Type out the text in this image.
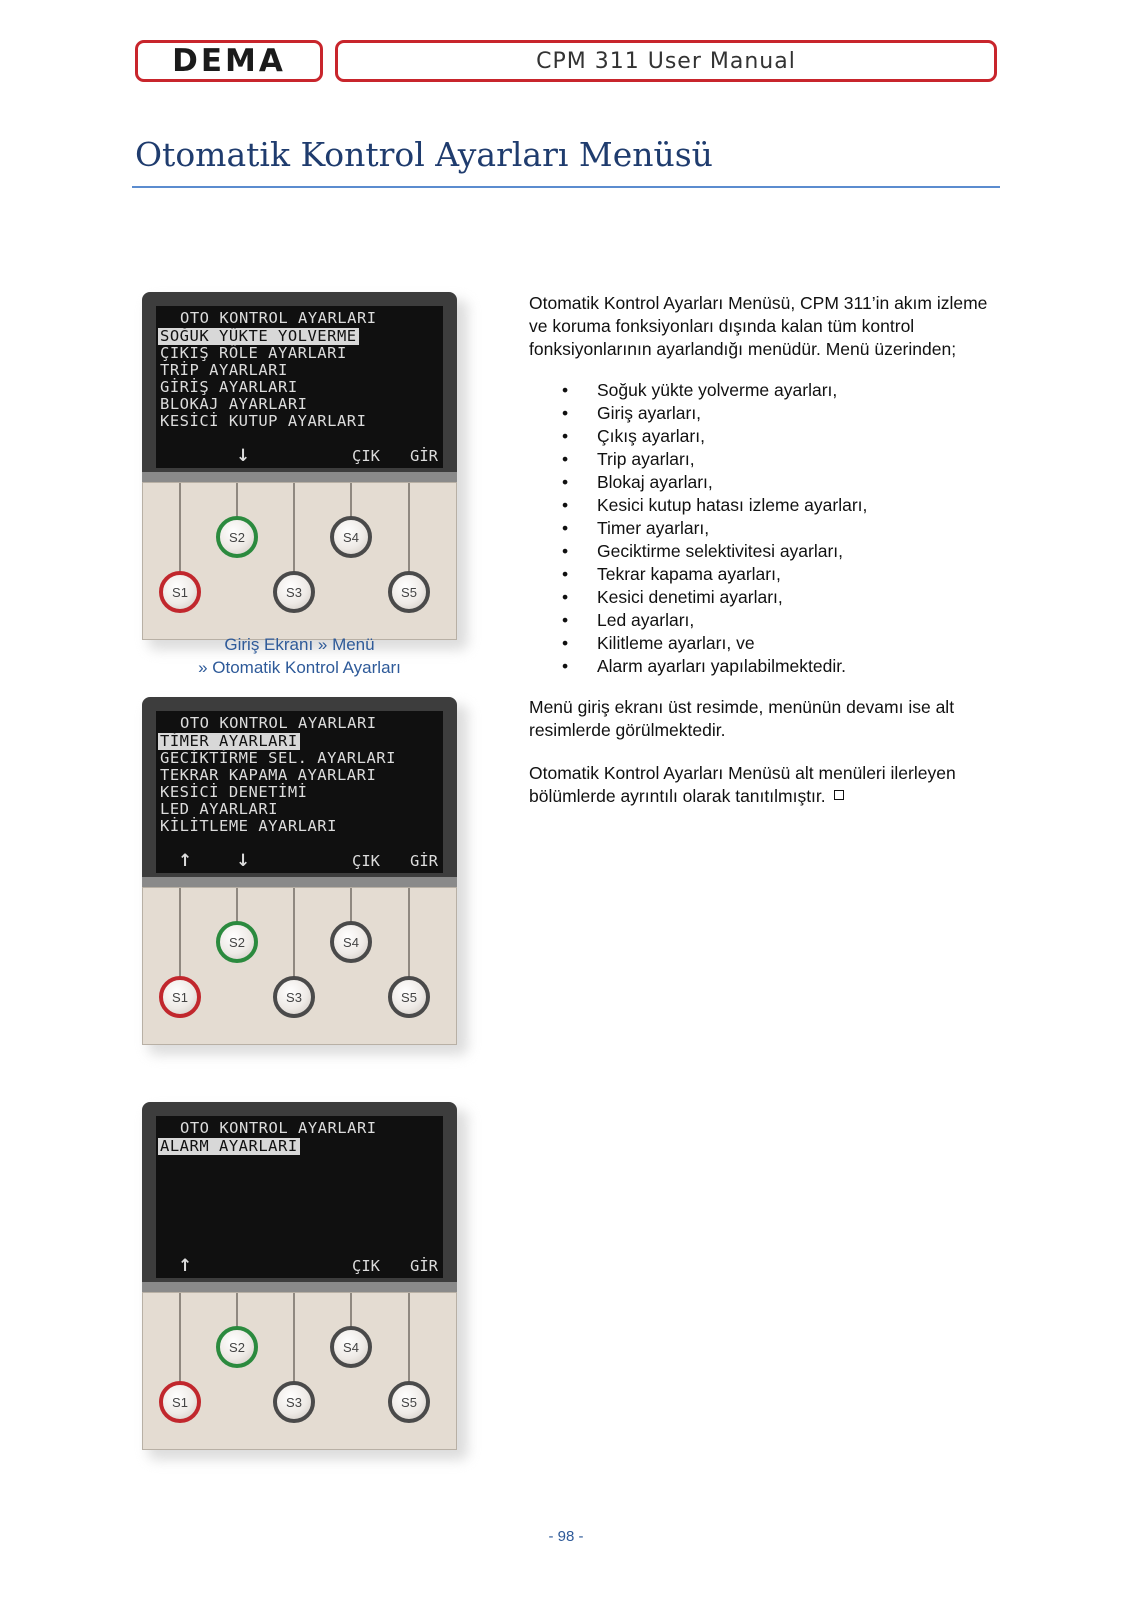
DEMA	CPM 311 User Manual
Otomatik Kontrol Ayarları Menüsü
OTO KONTROL AYARLARI
SOĞUK YÜKTE YOLVERME
ÇIKIŞ RÖLE AYARLARI
TRİP AYARLARI
GİRİŞ AYARLARI
BLOKAJ AYARLARI
KESİCİ KUTUP AYARLARI
↓	ÇIK GİR
S2	S4
S1	S3	S5
Giriş Ekranı » Menü
» Otomatik Kontrol Ayarları
OTO KONTROL AYARLARI
TİMER AYARLARI
GECİKTİRME SEL. AYARLARI
TEKRAR KAPAMA AYARLARI
KESİCİ DENETİMİ
LED AYARLARI
KİLİTLEME AYARLARI
↑	↓	ÇIK GİR
S2	S4
S1	S3	S5
OTO KONTROL AYARLARI
ALARM AYARLARI
↑	ÇIK GİR
S2	S4
S1	S3	S5

Otomatik Kontrol Ayarları Menüsü, CPM 311’in akım izleme ve koruma fonksiyonları dışında kalan tüm kontrol fonksiyonlarının ayarlandığı menüdür. Menü üzerinden;

• Soğuk yükte yolverme ayarları,
• Giriş ayarları,
• Çıkış ayarları,
• Trip ayarları,
• Blokaj ayarları,
• Kesici kutup hatası izleme ayarları,
• Timer ayarları,
• Geciktirme selektivitesi ayarları,
• Tekrar kapama ayarları,
• Kesici denetimi ayarları,
• Led ayarları,
• Kilitleme ayarları, ve
• Alarm ayarları yapılabilmektedir.

Menü giriş ekranı üst resimde, menünün devamı ise alt resimlerde görülmektedir.

Otomatik Kontrol Ayarları Menüsü alt menüleri ilerleyen bölümlerde ayrıntılı olarak tanıtılmıştır.

- 98 -
